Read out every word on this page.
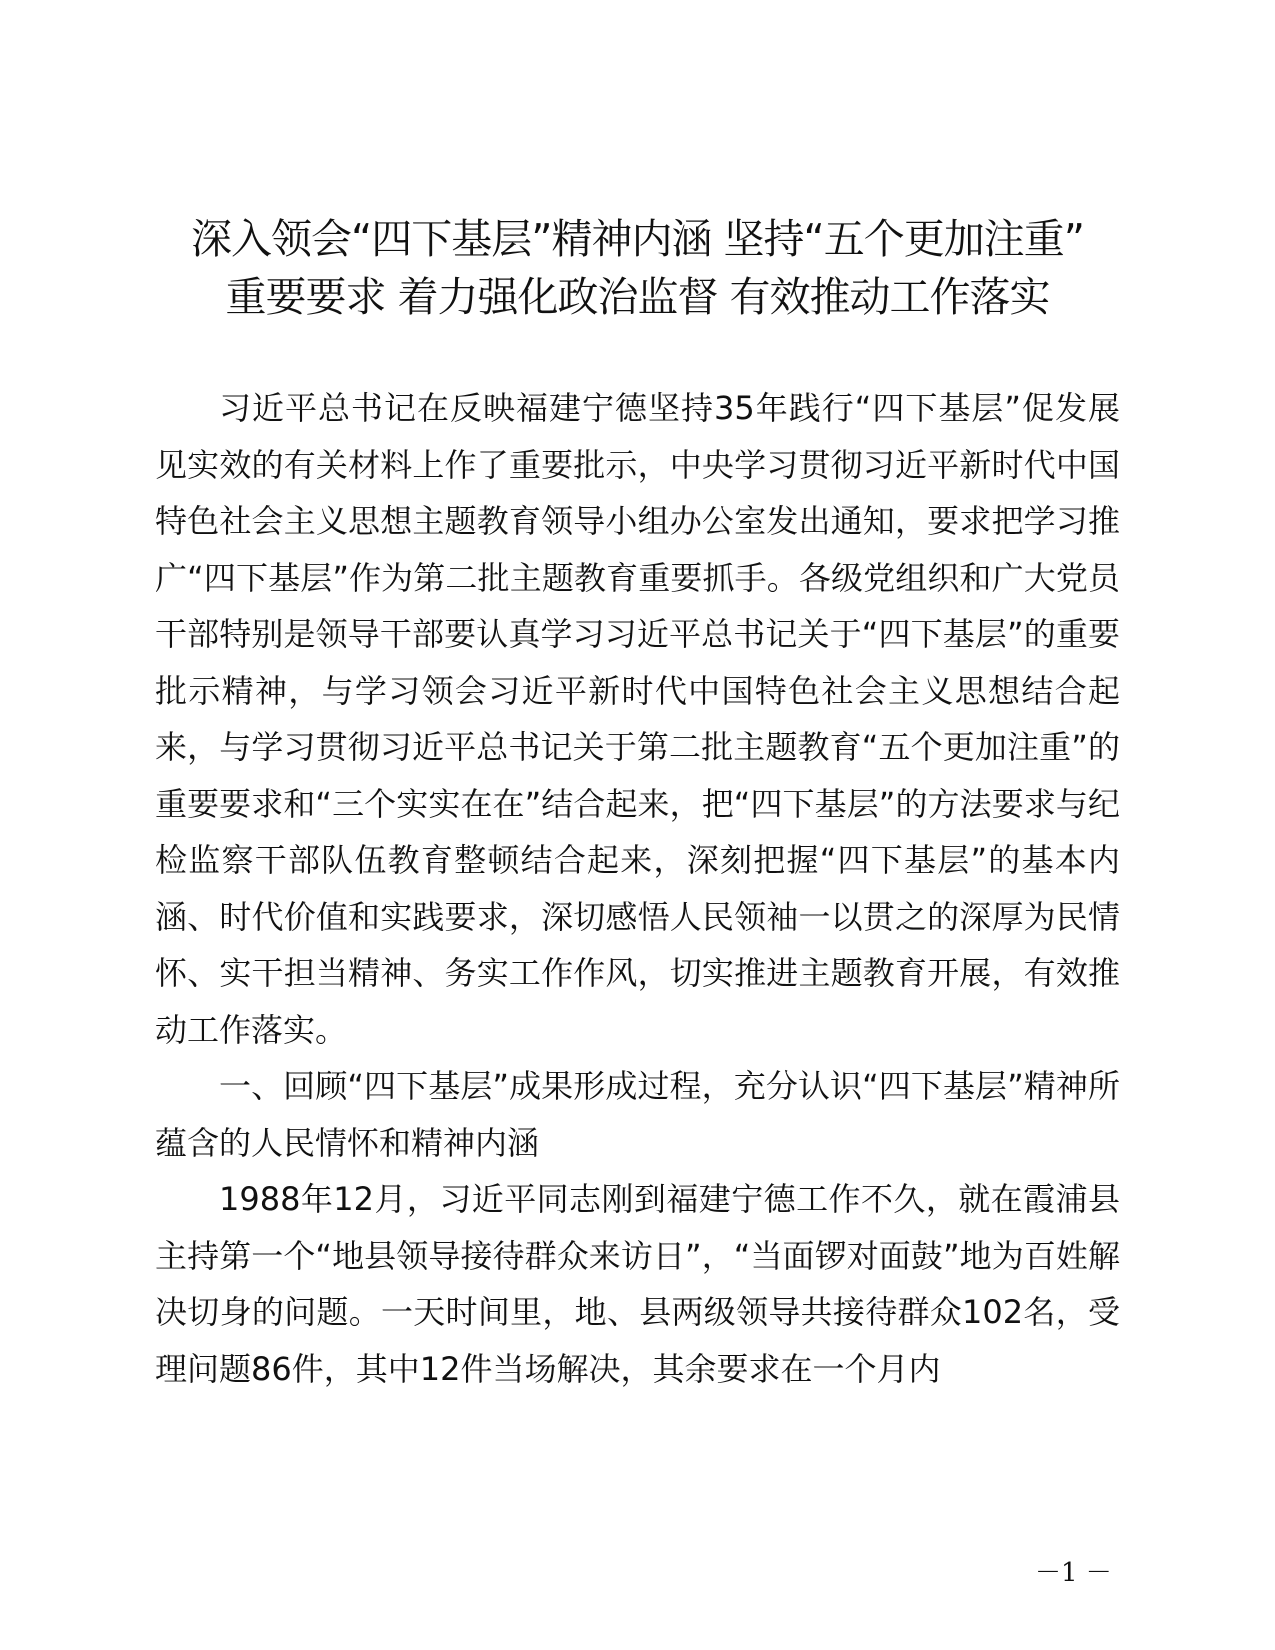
深入领会“四下基层”精神内涵 坚持“五个更加注重”
重要要求 着力强化政治监督 有效推动工作落实

习近平总书记在反映福建宁德坚持35年践行“四下基层”促发展见实效的有关材料上作了重要批示，中央学习贯彻习近平新时代中国特色社会主义思想主题教育领导小组办公室发出通知，要求把学习推广“四下基层”作为第二批主题教育重要抓手。各级党组织和广大党员干部特别是领导干部要认真学习习近平总书记关于“四下基层”的重要批示精神，与学习领会习近平新时代中国特色社会主义思想结合起来，与学习贯彻习近平总书记关于第二批主题教育“五个更加注重”的重要要求和“三个实实在在”结合起来，把“四下基层”的方法要求与纪检监察干部队伍教育整顿结合起来，深刻把握“四下基层”的基本内涵、时代价值和实践要求，深切感悟人民领袖一以贯之的深厚为民情怀、实干担当精神、务实工作作风，切实推进主题教育开展，有效推动工作落实。

一、回顾“四下基层”成果形成过程，充分认识“四下基层”精神所蕴含的人民情怀和精神内涵

1988年12月，习近平同志刚到福建宁德工作不久，就在霞浦县主持第一个“地县领导接待群众来访日”，“当面锣对面鼓”地为百姓解决切身的问题。一天时间里，地、县两级领导共接待群众102名，受理问题86件，其中12件当场解决，其余要求在一个月内

－1 －
